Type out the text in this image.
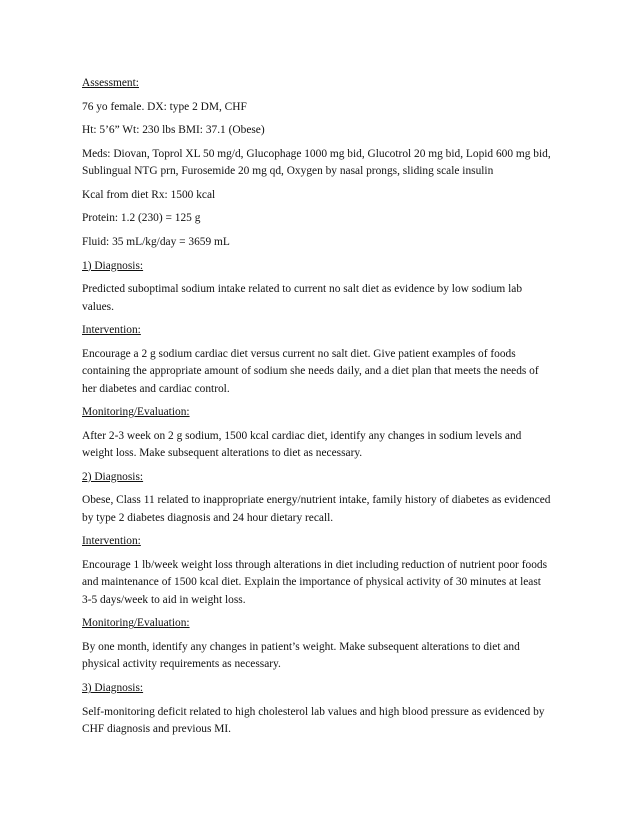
Assessment:
76 yo female. DX: type 2 DM, CHF
Ht: 5’6” Wt: 230 lbs BMI: 37.1 (Obese)
Meds: Diovan, Toprol XL 50 mg/d, Glucophage 1000 mg bid, Glucotrol 20 mg bid, Lopid 600 mg bid, Sublingual NTG prn, Furosemide 20 mg qd, Oxygen by nasal prongs, sliding scale insulin
Kcal from diet Rx: 1500 kcal
Protein: 1.2 (230) = 125 g
Fluid: 35 mL/kg/day = 3659 mL
1) Diagnosis:
Predicted suboptimal sodium intake related to current no salt diet as evidence by low sodium lab values.
Intervention:
Encourage a 2 g sodium cardiac diet versus current no salt diet. Give patient examples of foods containing the appropriate amount of sodium she needs daily, and a diet plan that meets the needs of her diabetes and cardiac control.
Monitoring/Evaluation:
After 2-3 week on 2 g sodium, 1500 kcal cardiac diet, identify any changes in sodium levels and weight loss. Make subsequent alterations to diet as necessary.
2) Diagnosis:
Obese, Class 11 related to inappropriate energy/nutrient intake, family history of diabetes as evidenced by type 2 diabetes diagnosis and 24 hour dietary recall.
Intervention:
Encourage 1 lb/week weight loss through alterations in diet including reduction of nutrient poor foods and maintenance of 1500 kcal diet. Explain the importance of physical activity of 30 minutes at least 3-5 days/week to aid in weight loss.
Monitoring/Evaluation:
By one month, identify any changes in patient’s weight. Make subsequent alterations to diet and physical activity requirements as necessary.
3) Diagnosis:
Self-monitoring deficit related to high cholesterol lab values and high blood pressure as evidenced by CHF diagnosis and previous MI.
